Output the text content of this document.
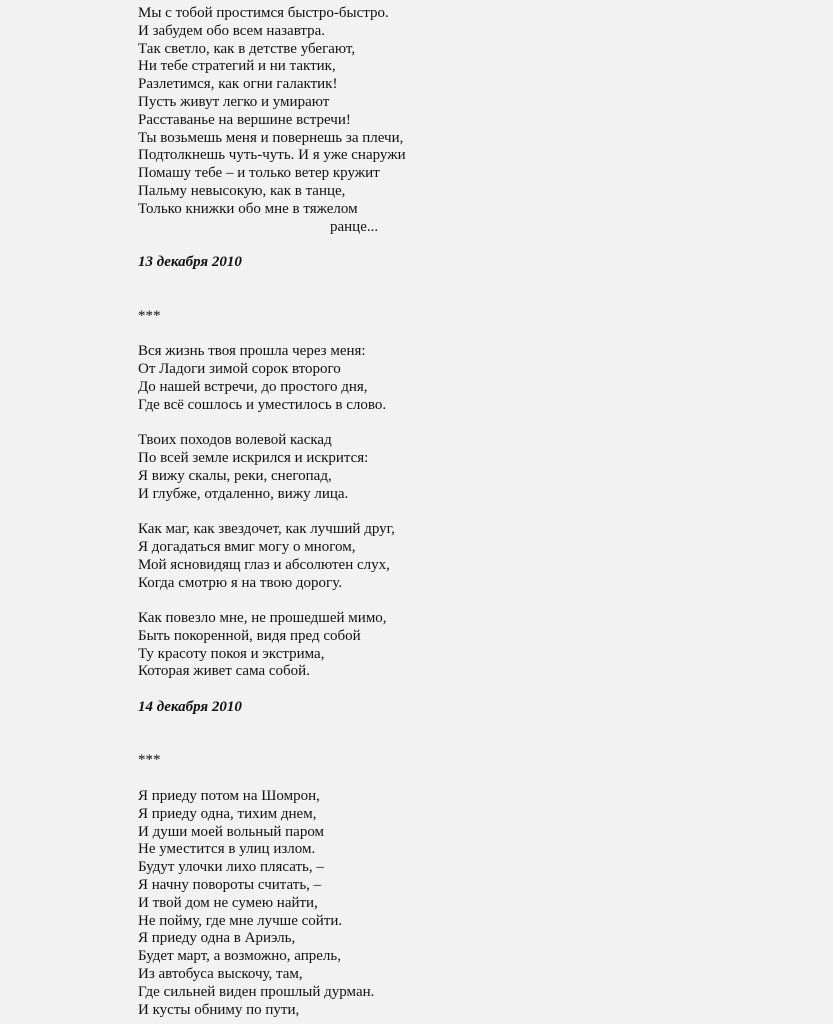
Мы с тобой простимся быстро-быстро.
И забудем обо всем назавтра.
Так светло, как в детстве убегают,
Ни тебе стратегий и ни тактик,
Разлетимся, как огни галактик!
Пусть живут легко и умирают
Расставанье на вершине встречи!
Ты возьмешь меня и повернешь за плечи,
Подтолкнешь чуть-чуть. И я уже снаружи
Помашу тебе – и только ветер кружит
Пальму невысокую, как в танце,
Только книжки обо мне в тяжелом
ранце...
13 декабря 2010
***
Вся жизнь твоя прошла через меня:
От Ладоги зимой сорок второго
До нашей встречи, до простого дня,
Где всё сошлось и уместилось в слово.
Твоих походов волевой каскад
По всей земле искрился и искрится:
Я вижу скалы, реки, снегопад,
И глубже, отдаленно, вижу лица.
Как маг, как звездочет, как лучший друг,
Я догадаться вмиг могу о многом,
Мой ясновидящ глаз и абсолютен слух,
Когда смотрю я на твою дорогу.
Как повезло мне, не прошедшей мимо,
Быть покоренной, видя пред собой
Ту красоту покоя и экстрима,
Которая живет сама собой.
14 декабря 2010
***
Я приеду потом на Шомрон,
Я приеду одна, тихим днем,
И души моей вольный паром
Не уместится в улиц излом.
Будут улочки лихо плясать, –
Я начну повороты считать, –
И твой дом не сумею найти,
Не пойму, где мне лучше сойти.
Я приеду одна в Ариэль,
Будет март, а возможно, апрель,
Из автобуса выскочу, там,
Где сильней виден прошлый дурман.
И кусты обниму по пути,
